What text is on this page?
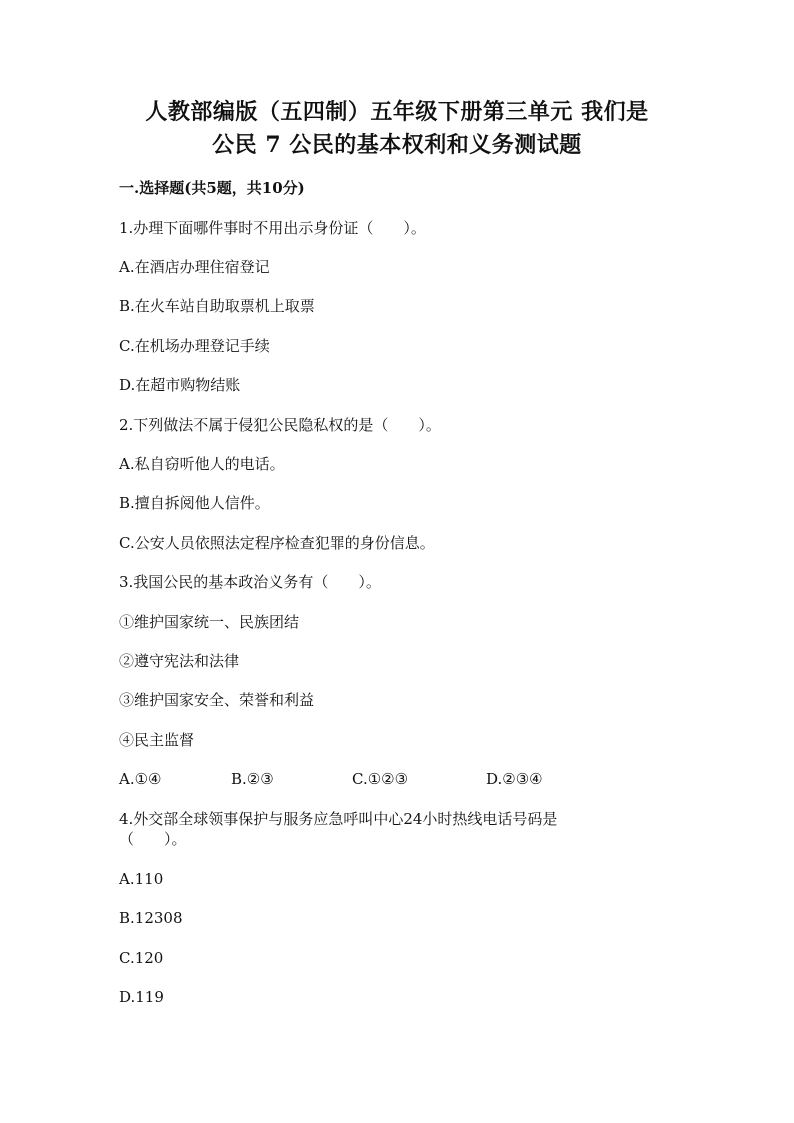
人教部编版（五四制）五年级下册第三单元 我们是
公民 7 公民的基本权利和义务测试题
一.选择题(共5题，共10分)
1.办理下面哪件事时不用出示身份证（　　）。
A.在酒店办理住宿登记
B.在火车站自助取票机上取票
C.在机场办理登记手续
D.在超市购物结账
2.下列做法不属于侵犯公民隐私权的是（　　）。
A.私自窃听他人的电话。
B.擅自拆阅他人信件。
C.公安人员依照法定程序检查犯罪的身份信息。
3.我国公民的基本政治义务有（　　）。
①维护国家统一、民族团结
②遵守宪法和法律
③维护国家安全、荣誉和利益
④民主监督
A.①④	B.②③	C.①②③	D.②③④
4.外交部全球领事保护与服务应急呼叫中心24小时热线电话号码是
（　　）。
A.110
B.12308
C.120
D.119
